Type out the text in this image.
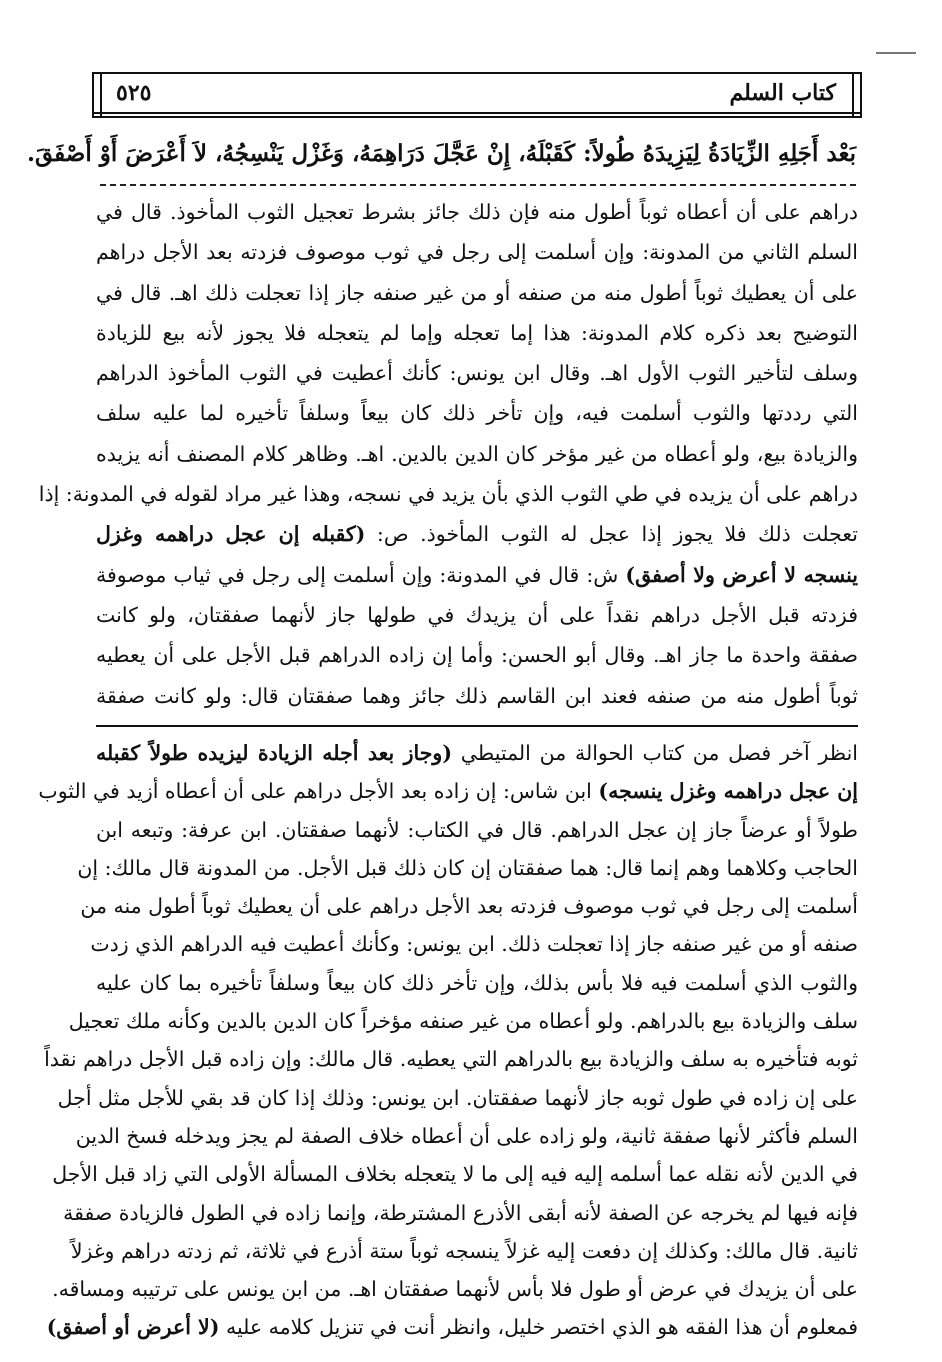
كتاب السلم
٥٢٥
بَعْد أَجَلِهِ الزِّيَادَةُ لِيَزِيدَهُ طُولاً: كَقَبْلَهُ، إِنْ عَجَّلَ دَرَاهِمَهُ، وَغَزْل يَنْسِجُهُ، لاَ أَعْرَضَ أَوْ أَصْفَقَ.

دراهم على أن أعطاه ثوباً أطول منه فإن ذلك جائز بشرط تعجيل الثوب المأخوذ. قال في

السلم الثاني من المدونة: وإن أسلمت إلى رجل في ثوب موصوف فزدته بعد الأجل دراهم

على أن يعطيك ثوباً أطول منه من صنفه أو من غير صنفه جاز إذا تعجلت ذلك اهـ. قال في

التوضيح بعد ذكره كلام المدونة: هذا إما تعجله وإما لم يتعجله فلا يجوز لأنه بيع للزيادة

وسلف لتأخير الثوب الأول اهـ. وقال ابن يونس: كأنك أعطيت في الثوب المأخوذ الدراهم

التي رددتها والثوب أسلمت فيه، وإن تأخر ذلك كان بيعاً وسلفاً تأخيره لما عليه سلف

والزيادة بيع، ولو أعطاه من غير مؤخر كان الدين بالدين. اهـ. وظاهر كلام المصنف أنه يزيده

دراهم على أن يزيده في طي الثوب الذي بأن يزيد في نسجه، وهذا غير مراد لقوله في المدونة: إذا

تعجلت ذلك فلا يجوز إذا عجل له الثوب المأخوذ. ص: (كقبله إن عجل دراهمه وغزل

ينسجه لا أعرض ولا أصفق) ش: قال في المدونة: وإن أسلمت إلى رجل في ثياب موصوفة

فزدته قبل الأجل دراهم نقداً على أن يزيدك في طولها جاز لأنهما صفقتان، ولو كانت

صفقة واحدة ما جاز اهـ. وقال أبو الحسن: وأما إن زاده الدراهم قبل الأجل على أن يعطيه

ثوباً أطول منه من صنفه فعند ابن القاسم ذلك جائز وهما صفقتان قال: ولو كانت صفقة

انظر آخر فصل من كتاب الحوالة من المتيطي (وجاز بعد أجله الزيادة ليزيده طولاً كقبله

إن عجل دراهمه وغزل ينسجه) ابن شاس: إن زاده بعد الأجل دراهم على أن أعطاه أزيد في الثوب

طولاً أو عرضاً جاز إن عجل الدراهم. قال في الكتاب: لأنهما صفقتان. ابن عرفة: وتبعه ابن

الحاجب وكلاهما وهم إنما قال: هما صفقتان إن كان ذلك قبل الأجل. من المدونة قال مالك: إن

أسلمت إلى رجل في ثوب موصوف فزدته بعد الأجل دراهم على أن يعطيك ثوباً أطول منه من

صنفه أو من غير صنفه جاز إذا تعجلت ذلك. ابن يونس: وكأنك أعطيت فيه الدراهم الذي زدت

والثوب الذي أسلمت فيه فلا بأس بذلك، وإن تأخر ذلك كان بيعاً وسلفاً تأخيره بما كان عليه

سلف والزيادة بيع بالدراهم. ولو أعطاه من غير صنفه مؤخراً كان الدين بالدين وكأنه ملك تعجيل

ثوبه فتأخيره به سلف والزيادة بيع بالدراهم التي يعطيه. قال مالك: وإن زاده قبل الأجل دراهم نقداً

على إن زاده في طول ثوبه جاز لأنهما صفقتان. ابن يونس: وذلك إذا كان قد بقي للأجل مثل أجل

السلم فأكثر لأنها صفقة ثانية، ولو زاده على أن أعطاه خلاف الصفة لم يجز ويدخله فسخ الدين

في الدين لأنه نقله عما أسلمه إليه فيه إلى ما لا يتعجله بخلاف المسألة الأولى التي زاد قبل الأجل

فإنه فيها لم يخرجه عن الصفة لأنه أبقى الأذرع المشترطة، وإنما زاده في الطول فالزيادة صفقة

ثانية. قال مالك: وكذلك إن دفعت إليه غزلاً ينسجه ثوباً ستة أذرع في ثلاثة، ثم زدته دراهم وغزلاً

على أن يزيدك في عرض أو طول فلا بأس لأنهما صفقتان اهـ. من ابن يونس على ترتيبه ومساقه.

فمعلوم أن هذا الفقه هو الذي اختصر خليل، وانظر أنت في تنزيل كلامه عليه (لا أعرض أو أصفق)
